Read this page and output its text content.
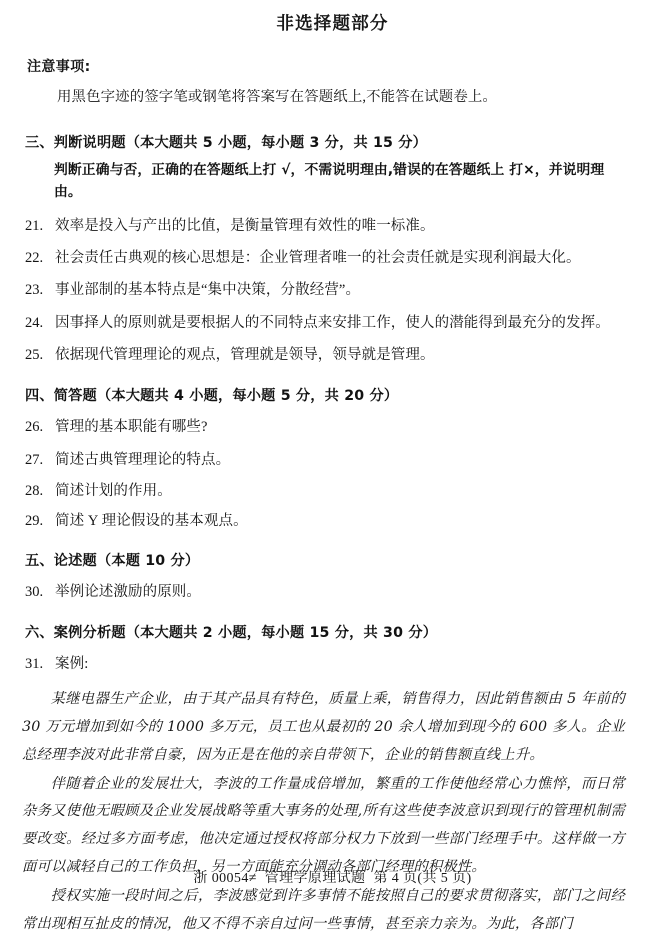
非选择题部分
注意事项:
用黑色字迹的签字笔或钢笔将答案写在答题纸上,不能答在试题卷上。
三、判断说明题（本大题共 5 小题，每小题 3 分，共 15 分）
判断正确与否，正确的在答题纸上打 √，不需说明理由,错误的在答题纸上 打×，并说明理由。
21. 效率是投入与产出的比值，是衡量管理有效性的唯一标准。
22. 社会责任古典观的核心思想是：企业管理者唯一的社会责任就是实现利润最大化。
23. 事业部制的基本特点是“集中决策，分散经营”。
24. 因事择人的原则就是要根据人的不同特点来安排工作，使人的潜能得到最充分的发挥。
25. 依据现代管理理论的观点，管理就是领导，领导就是管理。
四、简答题（本大题共 4 小题，每小题 5 分，共 20 分）
26. 管理的基本职能有哪些?
27. 简述古典管理理论的特点。
28. 简述计划的作用。
29. 简述 Y 理论假设的基本观点。
五、论述题（本题 10 分）
30. 举例论述激励的原则。
六、案例分析题（本大题共 2 小题，每小题 15 分，共 30 分）
31. 案例:

某继电器生产企业，由于其产品具有特色，质量上乘，销售得力，因此销售额由 5 年前的 30 万元增加到如今的 1000 多万元，员工也从最初的 20 余人增加到现今的 600 多人。企业总经理李波对此非常自豪，因为正是在他的亲自带领下，企业的销售额直线上升。

伴随着企业的发展壮大，李波的工作量成倍增加，繁重的工作使他经常心力憔悴，而日常杂务又使他无暇顾及企业发展战略等重大事务的处理,所有这些使李波意识到现行的管理机制需要改变。经过多方面考虑，他决定通过授权将部分权力下放到一些部门经理手中。这样做一方面可以减轻自己的工作负担，另一方面能充分调动各部门经理的积极性。

授权实施一段时间之后，李波感觉到许多事情不能按照自己的要求贯彻落实，部门之间经常出现相互扯皮的情况，他又不得不亲自过问一些事情，甚至亲力亲为。为此，各部门

浙 00054≠ 管理学原理试题 第 4 页(共 5 页)
